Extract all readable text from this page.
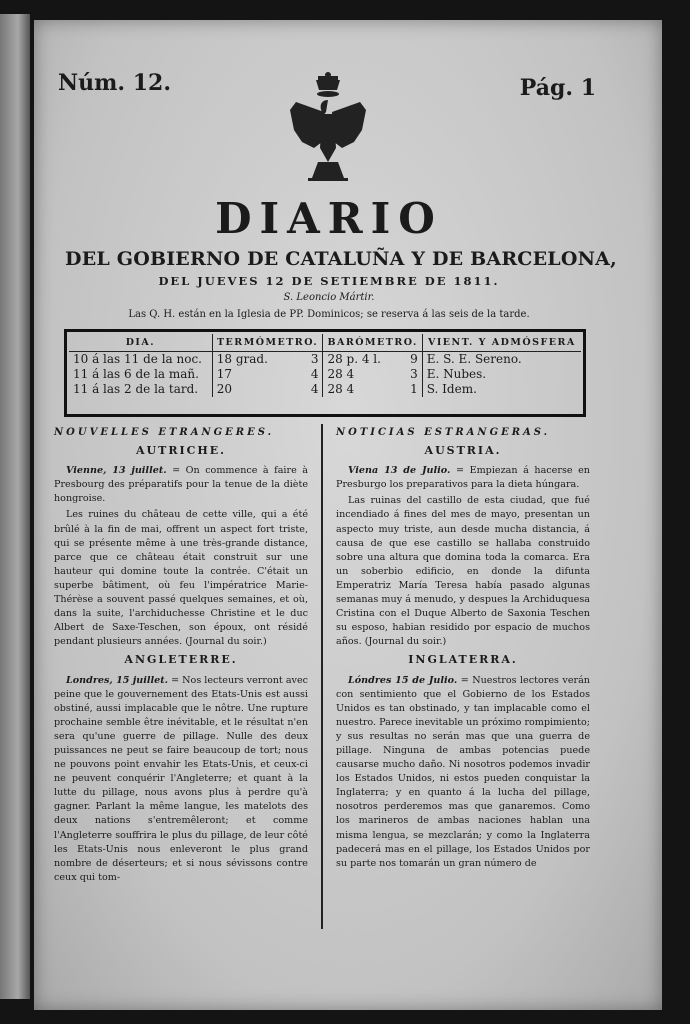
Núm. 12.	Pág. 1
DIARIO
DEL GOBIERNO DE CATALUÑA Y DE BARCELONA,
DEL JUEVES 12 DE SETIEMBRE DE 1811.
S. Leoncio Mártir.
Las Q. H. están en la Iglesia de PP. Dominicos; se reserva á las seis de la tarde.
DIA.	TERMÓMETRO.		BARÓMETRO.		VIENT. Y ADMÓSFERA
10 á las 11 de la noc.	18 grad.	3	28 p. 4 l.	9	E. S. E. Sereno.
11 á las 6 de la mañ.	17	4	28 4	3	E. Nubes.
11 á las 2 de la tard.	20	4	28 4	1	S. Idem.
NOUVELLES ETRANGERES.
AUTRICHE.

Vienne, 13 juillet. = On commence à faire à Presbourg des préparatifs pour la tenue de la diète hongroise.

Les ruines du château de cette ville, qui a été brûlé à la fin de mai, offrent un aspect fort triste, qui se présente même à une très-grande distance, parce que ce château était construit sur une hauteur qui domine toute la contrée. C'était un superbe bâtiment, où feu l'impératrice Marie-Thérèse a souvent passé quelques semaines, et où, dans la suite, l'archiduchesse Christine et le duc Albert de Saxe-Teschen, son époux, ont résidé pendant plusieurs années. (Journal du soir.)

ANGLETERRE.

Londres, 15 juillet. = Nos lecteurs verront avec peine que le gouvernement des Etats-Unis est aussi obstiné, aussi implacable que le nôtre. Une rupture prochaine semble être inévitable, et le résultat n'en sera qu'une guerre de pillage. Nulle des deux puissances ne peut se faire beaucoup de tort; nous ne pouvons point envahir les Etats-Unis, et ceux-ci ne peuvent conquérir l'Angleterre; et quant à la lutte du pillage, nous avons plus à perdre qu'à gagner. Parlant la même langue, les matelots des deux nations s'entremêleront; et comme l'Angleterre souffrira le plus du pillage, de leur côté les Etats-Unis nous enleveront le plus grand nombre de déserteurs; et si nous sévissons contre ceux qui tom-

NOTICIAS ESTRANGERAS.
AUSTRIA.

Viena 13 de Julio. = Empiezan á hacerse en Presburgo los preparativos para la dieta húngara.

Las ruinas del castillo de esta ciudad, que fué incendiado á fines del mes de mayo, presentan un aspecto muy triste, aun desde mucha distancia, á causa de que ese castillo se hallaba construido sobre una altura que domina toda la comarca. Era un soberbio edificio, en donde la difunta Emperatriz María Teresa había pasado algunas semanas muy á menudo, y despues la Archiduquesa Cristina con el Duque Alberto de Saxonia Teschen su esposo, habian residido por espacio de muchos años. (Journal du soir.)

INGLATERRA.

Lóndres 15 de Julio. = Nuestros lectores verán con sentimiento que el Gobierno de los Estados Unidos es tan obstinado, y tan implacable como el nuestro. Parece inevitable un próximo rompimiento; y sus resultas no serán mas que una guerra de pillage. Ninguna de ambas potencias puede causarse mucho daño. Ni nosotros podemos invadir los Estados Unidos, ni estos pueden conquistar la Inglaterra; y en quanto á la lucha del pillage, nosotros perderemos mas que ganaremos. Como los marineros de ambas naciones hablan una misma lengua, se mezclarán; y como la Inglaterra padecerá mas en el pillage, los Estados Unidos por su parte nos tomarán un gran número de
